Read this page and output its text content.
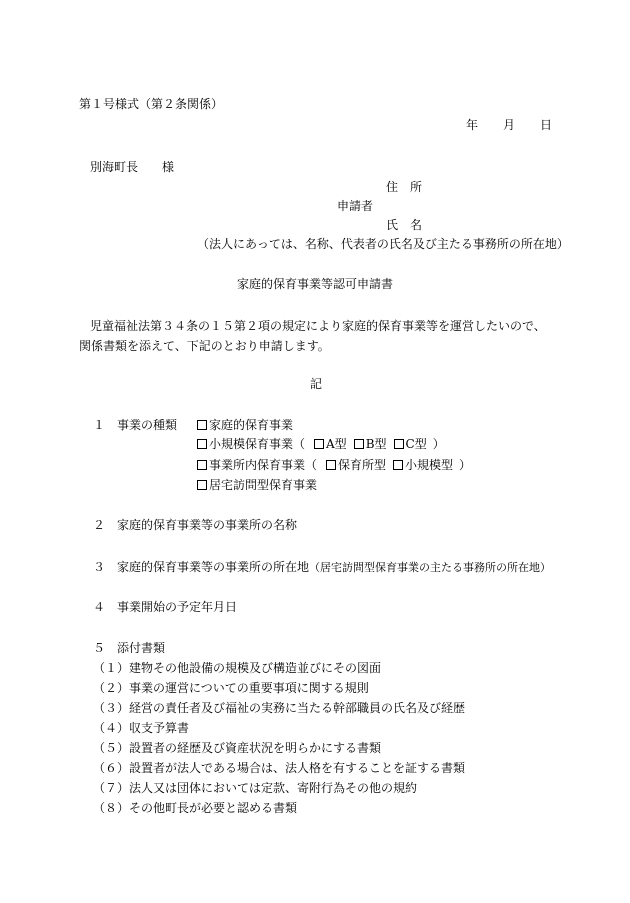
第１号様式（第２条関係）
年 月 日
別海町長　　様
住　所
申請者
氏　名
（法人にあっては、名称、代表者の氏名及び主たる事務所の所在地）
家庭的保育事業等認可申請書
児童福祉法第３４条の１５第２項の規定により家庭的保育事業等を運営したいので、
関係書類を添えて、下記のとおり申請します。
記
１ 事業の種類	家庭的保育事業
小規模保育事業（ A型 B型 C型 ）
事業所内保育事業（ 保育所型 小規模型 ）
居宅訪問型保育事業
２ 家庭的保育事業等の事業所の名称
３ 家庭的保育事業等の事業所の所在地（居宅訪問型保育事業の主たる事務所の所在地）
４ 事業開始の予定年月日
５ 添付書類
（１）建物その他設備の規模及び構造並びにその図面
（２）事業の運営についての重要事項に関する規則
（３）経営の責任者及び福祉の実務に当たる幹部職員の氏名及び経歴
（４）収支予算書
（５）設置者の経歴及び資産状況を明らかにする書類
（６）設置者が法人である場合は、法人格を有することを証する書類
（７）法人又は団体においては定款、寄附行為その他の規約
（８）その他町長が必要と認める書類
